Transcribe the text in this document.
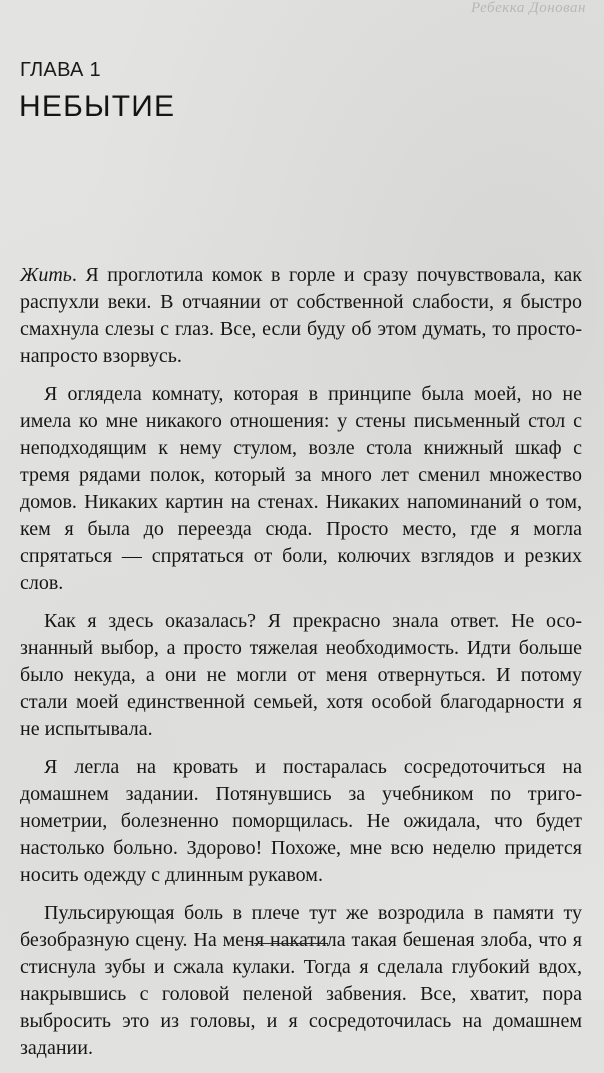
Ребекка Донован
ГЛАВА 1
НЕБЫТИЕ

Жить. Я проглотила комок в горле и сразу почувствовала, как распухли веки. В отчаянии от собственной слабости, я быстро смахнула слезы с глаз. Все, если буду об этом думать, то просто-напросто взорвусь.

Я оглядела комнату, которая в принципе была моей, но не имела ко мне никакого отношения: у стены письменный стол с неподходящим к нему стулом, возле стола книжный шкаф с тремя рядами полок, который за много лет сменил множество домов. Никаких картин на стенах. Никаких напоминаний о том, кем я была до переезда сюда. Просто место, где я могла спрятаться — спрятаться от боли, колючих взглядов и резких слов.

Как я здесь оказалась? Я прекрасно знала ответ. Не осознанный выбор, а просто тяжелая необходимость. Идти больше было некуда, а они не могли от меня отвернуться. И потому стали моей единственной семьей, хотя особой благодарности я не испытывала.

Я легла на кровать и постаралась сосредоточиться на домашнем задании. Потянувшись за учебником по тригонометрии, болезненно поморщилась. Не ожидала, что будет настолько больно. Здорово! Похоже, мне всю неделю придется носить одежду с длинным рукавом.

Пульсирующая боль в плече тут же возродила в памяти ту безобразную сцену. На меня накатила такая бешеная злоба, что я стиснула зубы и сжала кулаки. Тогда я сделала глубокий вдох, накрывшись с головой пеленой забвения. Все, хватит, пора выбросить это из головы, и я сосредоточилась на домашнем задании.
